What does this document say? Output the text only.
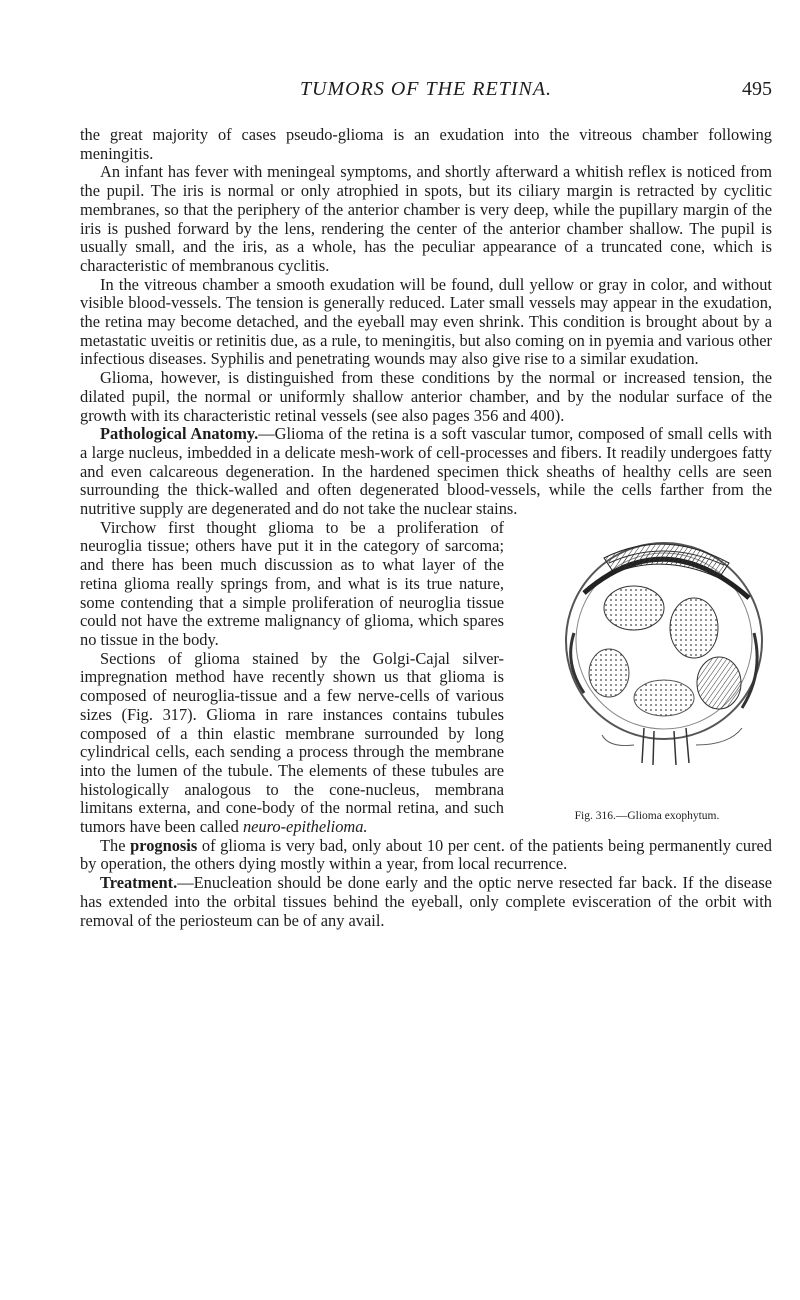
TUMORS OF THE RETINA.	495

the great majority of cases pseudo-glioma is an exudation into the vitreous chamber following meningitis.

An infant has fever with meningeal symptoms, and shortly afterward a whitish reflex is noticed from the pupil. The iris is normal or only atrophied in spots, but its ciliary margin is retracted by cyclitic membranes, so that the periphery of the anterior chamber is very deep, while the pupillary margin of the iris is pushed forward by the lens, rendering the center of the anterior chamber shallow. The pupil is usually small, and the iris, as a whole, has the peculiar appearance of a truncated cone, which is characteristic of membranous cyclitis.

In the vitreous chamber a smooth exudation will be found, dull yellow or gray in color, and without visible blood-vessels. The tension is generally reduced. Later small vessels may appear in the exudation, the retina may become detached, and the eyeball may even shrink. This condition is brought about by a metastatic uveitis or retinitis due, as a rule, to meningitis, but also coming on in pyemia and various other infectious diseases. Syphilis and penetrating wounds may also give rise to a similar exudation.

Glioma, however, is distinguished from these conditions by the normal or increased tension, the dilated pupil, the normal or uniformly shallow anterior chamber, and by the nodular surface of the growth with its characteristic retinal vessels (see also pages 356 and 400).

Pathological Anatomy.—Glioma of the retina is a soft vascular tumor, composed of small cells with a large nucleus, imbedded in a delicate mesh-work of cell-processes and fibers. It readily undergoes fatty and even calcareous degeneration. In the hardened specimen thick sheaths of healthy cells are seen surrounding the thick-walled and often degenerated blood-vessels, while the cells farther from the nutritive supply are degenerated and do not take the nuclear stains.

Fig. 316.—Glioma exophytum.

Virchow first thought glioma to be a proliferation of neuroglia tissue; others have put it in the category of sarcoma; and there has been much discussion as to what layer of the retina glioma really springs from, and what is its true nature, some contending that a simple proliferation of neuroglia tissue could not have the extreme malignancy of glioma, which spares no tissue in the body.

Sections of glioma stained by the Golgi-Cajal silver-impregnation method have recently shown us that glioma is composed of neuroglia-tissue and a few nerve-cells of various sizes (Fig. 317). Glioma in rare instances contains tubules composed of a thin elastic membrane surrounded by long cylindrical cells, each sending a process through the membrane into the lumen of the tubule. The elements of these tubules are histologically analogous to the cone-nucleus, membrana limitans externa, and cone-body of the normal retina, and such tumors have been called neuro-epithelioma.

The prognosis of glioma is very bad, only about 10 per cent. of the patients being permanently cured by operation, the others dying mostly within a year, from local recurrence.

Treatment.—Enucleation should be done early and the optic nerve resected far back. If the disease has extended into the orbital tissues behind the eyeball, only complete evisceration of the orbit with removal of the periosteum can be of any avail.
